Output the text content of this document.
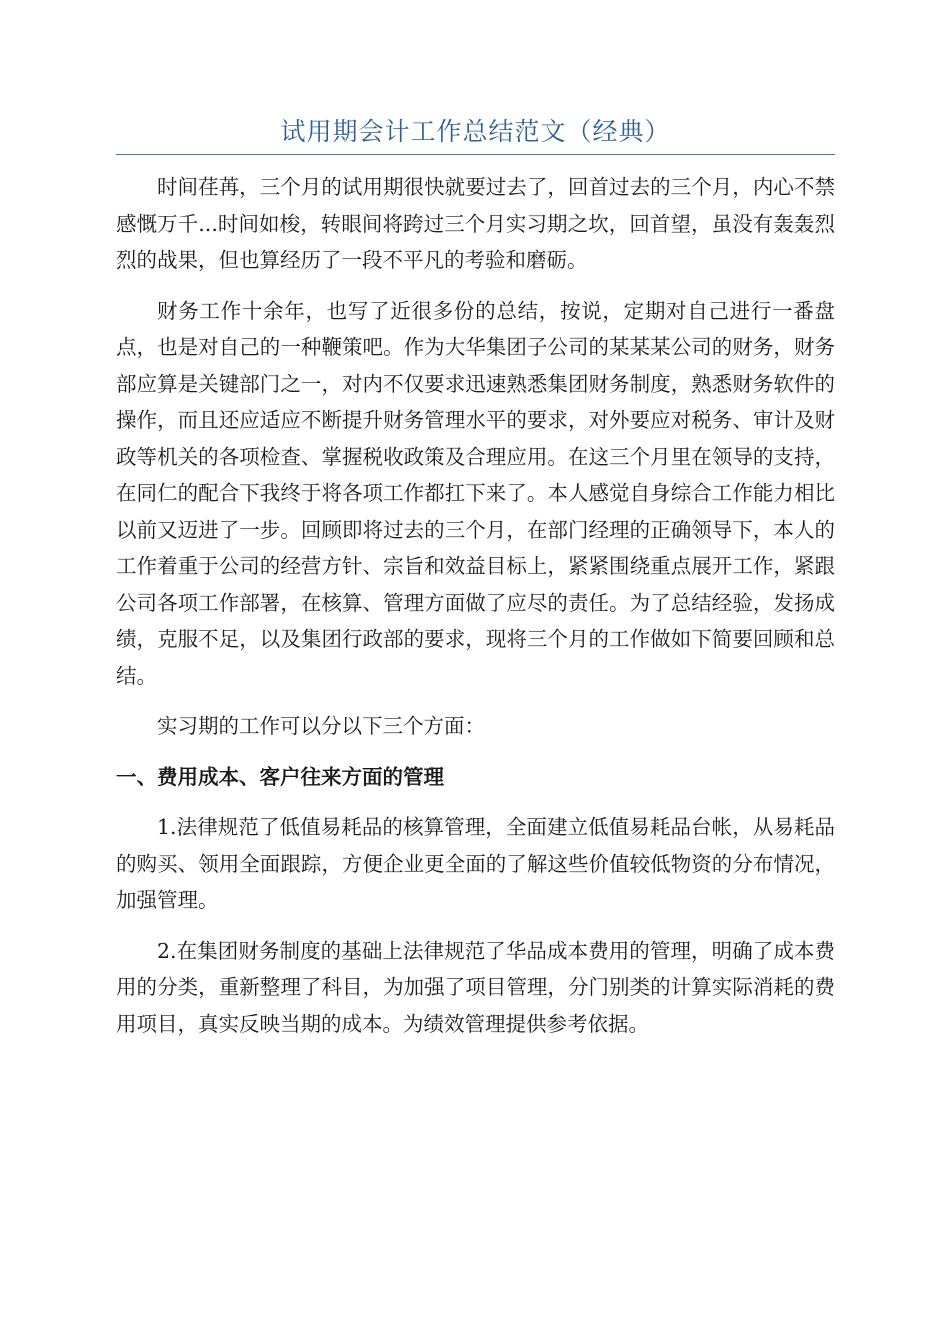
试用期会计工作总结范文（经典）

时间荏苒，三个月的试用期很快就要过去了，回首过去的三个月，内心不禁感慨万千...时间如梭，转眼间将跨过三个月实习期之坎，回首望，虽没有轰轰烈烈的战果，但也算经历了一段不平凡的考验和磨砺。

财务工作十余年，也写了近很多份的总结，按说，定期对自己进行一番盘点，也是对自己的一种鞭策吧。作为大华集团子公司的某某某公司的财务，财务部应算是关键部门之一，对内不仅要求迅速熟悉集团财务制度，熟悉财务软件的操作，而且还应适应不断提升财务管理水平的要求，对外要应对税务、审计及财政等机关的各项检查、掌握税收政策及合理应用。在这三个月里在领导的支持，在同仁的配合下我终于将各项工作都扛下来了。本人感觉自身综合工作能力相比以前又迈进了一步。回顾即将过去的三个月，在部门经理的正确领导下，本人的工作着重于公司的经营方针、宗旨和效益目标上，紧紧围绕重点展开工作，紧跟公司各项工作部署，在核算、管理方面做了应尽的责任。为了总结经验，发扬成绩，克服不足，以及集团行政部的要求，现将三个月的工作做如下简要回顾和总结。

实习期的工作可以分以下三个方面：

一、费用成本、客户往来方面的管理

1.法律规范了低值易耗品的核算管理，全面建立低值易耗品台帐，从易耗品的购买、领用全面跟踪，方便企业更全面的了解这些价值较低物资的分布情况，加强管理。

2.在集团财务制度的基础上法律规范了华品成本费用的管理，明确了成本费用的分类，重新整理了科目，为加强了项目管理，分门别类的计算实际消耗的费用项目，真实反映当期的成本。为绩效管理提供参考依据。
